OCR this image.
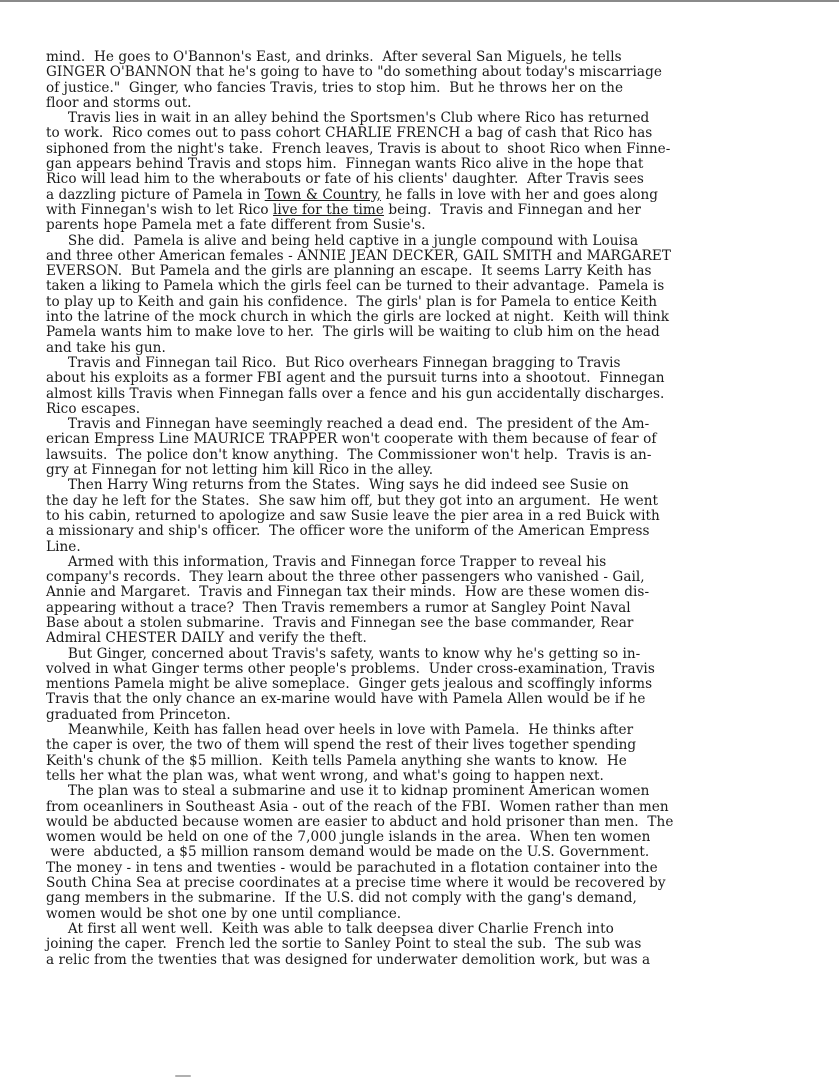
mind.  He goes to O'Bannon's East, and drinks.  After several San Miguels, he tells
GINGER O'BANNON that he's going to have to "do something about today's miscarriage
of justice."  Ginger, who fancies Travis, tries to stop him.  But he throws her on the
floor and storms out.
Travis lies in wait in an alley behind the Sportsmen's Club where Rico has returned
to work.  Rico comes out to pass cohort CHARLIE FRENCH a bag of cash that Rico has
siphoned from the night's take.  French leaves, Travis is about to  shoot Rico when Finne-
gan appears behind Travis and stops him.  Finnegan wants Rico alive in the hope that
Rico will lead him to the wherabouts or fate of his clients' daughter.  After Travis sees
a dazzling picture of Pamela in Town & Country, he falls in love with her and goes along
with Finnegan's wish to let Rico live for the time being.  Travis and Finnegan and her
parents hope Pamela met a fate different from Susie's.
She did.  Pamela is alive and being held captive in a jungle compound with Louisa
and three other American females - ANNIE JEAN DECKER, GAIL SMITH and MARGARET
EVERSON.  But Pamela and the girls are planning an escape.  It seems Larry Keith has
taken a liking to Pamela which the girls feel can be turned to their advantage.  Pamela is
to play up to Keith and gain his confidence.  The girls' plan is for Pamela to entice Keith
into the latrine of the mock church in which the girls are locked at night.  Keith will think
Pamela wants him to make love to her.  The girls will be waiting to club him on the head
and take his gun.
Travis and Finnegan tail Rico.  But Rico overhears Finnegan bragging to Travis
about his exploits as a former FBI agent and the pursuit turns into a shootout.  Finnegan
almost kills Travis when Finnegan falls over a fence and his gun accidentally discharges.
Rico escapes.
Travis and Finnegan have seemingly reached a dead end.  The president of the Am-
erican Empress Line MAURICE TRAPPER won't cooperate with them because of fear of
lawsuits.  The police don't know anything.  The Commissioner won't help.  Travis is an-
gry at Finnegan for not letting him kill Rico in the alley.
Then Harry Wing returns from the States.  Wing says he did indeed see Susie on
the day he left for the States.  She saw him off, but they got into an argument.  He went
to his cabin, returned to apologize and saw Susie leave the pier area in a red Buick with
a missionary and ship's officer.  The officer wore the uniform of the American Empress
Line.
Armed with this information, Travis and Finnegan force Trapper to reveal his
company's records.  They learn about the three other passengers who vanished - Gail,
Annie and Margaret.  Travis and Finnegan tax their minds.  How are these women dis-
appearing without a trace?  Then Travis remembers a rumor at Sangley Point Naval
Base about a stolen submarine.  Travis and Finnegan see the base commander, Rear
Admiral CHESTER DAILY and verify the theft.
But Ginger, concerned about Travis's safety, wants to know why he's getting so in-
volved in what Ginger terms other people's problems.  Under cross-examination, Travis
mentions Pamela might be alive someplace.  Ginger gets jealous and scoffingly informs
Travis that the only chance an ex-marine would have with Pamela Allen would be if he
graduated from Princeton.
Meanwhile, Keith has fallen head over heels in love with Pamela.  He thinks after
the caper is over, the two of them will spend the rest of their lives together spending
Keith's chunk of the $5 million.  Keith tells Pamela anything she wants to know.  He
tells her what the plan was, what went wrong, and what's going to happen next.
The plan was to steal a submarine and use it to kidnap prominent American women
from oceanliners in Southeast Asia - out of the reach of the FBI.  Women rather than men
would be abducted because women are easier to abduct and hold prisoner than men.  The
women would be held on one of the 7,000 jungle islands in the area.  When ten women
were  abducted, a $5 million ransom demand would be made on the U.S. Government.
The money - in tens and twenties - would be parachuted in a flotation container into the
South China Sea at precise coordinates at a precise time where it would be recovered by
gang members in the submarine.  If the U.S. did not comply with the gang's demand,
women would be shot one by one until compliance.
At first all went well.  Keith was able to talk deepsea diver Charlie French into
joining the caper.  French led the sortie to Sanley Point to steal the sub.  The sub was
a relic from the twenties that was designed for underwater demolition work, but was a
